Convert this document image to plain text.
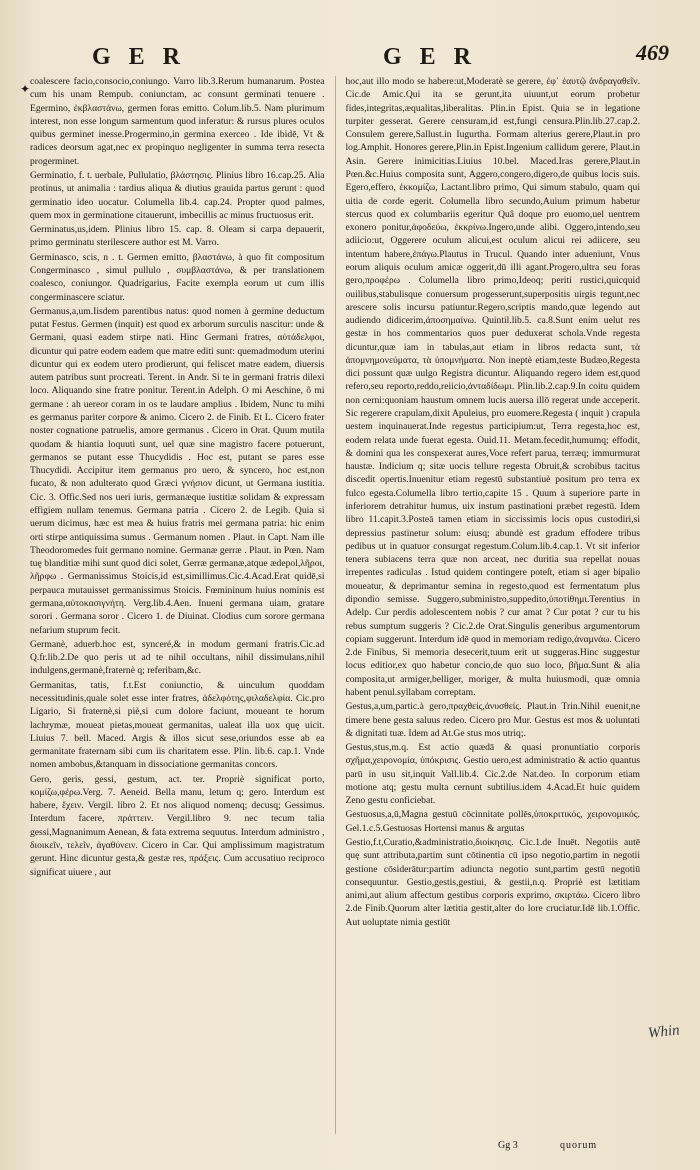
G E R	G E R	469
✦

coalescere facio,consocio,coniungo. Varro lib.3.Rerum humanarum. Postea cum his unam Rempub. coniunctam, ac consunt germinati tenuere . Egermino, ἐκβλαστάνω, germen foras emitto. Colum.lib.5. Nam plurimum interest, non esse longum sarmentum quod inferatur: & rursus plures oculos quibus germinet inesse.Progermino,in germina exerceo . Ide ibidē, Vt & radices deorsum agat,nec ex propinquo negligenter in summa terra resecta progerminet.

Germinatio, f. t. uerbale, Pullulatio, βλάστησις. Plinius libro 16.cap.25. Alia protinus, ut animalia : tardius aliqua & diutius grauida partus gerunt : quod germinatio ideo uocatur. Columella lib.4. cap.24. Propter quod palmes, quem mox in germinatione citauerunt, imbecillis ac minus fructuosus erit.

Germinatus,us,idem. Plinius libro 15. cap. 8. Oleam si carpa depauerit, primo germinatu sterilescere author est M. Varro.

Germinasco, scis, n . t. Germen emitto, βλαστάνω, à quo fit compositum Congerminasco , simul pullulo , συμβλαστάνω, & per translationem coalesco, coniungor. Quadrigarius, Facite exempla eorum ut cum illis congerminascere sciatur.

Germanus,a,um.Iisdem parentibus natus: quod nomen à germine deductum putat Festus. Germen (inquit) est quod ex arborum surculis nascitur: unde & Germani, quasi eadem stirpe nati. Hinc Germani fratres, αὐτάδελφοι, dicuntur qui patre eodem eadem que matre editi sunt: quemadmodum uterini dicuntur qui ex eodem utero prodierunt, qui feliscet matre eadem, diuersis autem patribus sunt procreati. Terent. in Andr. Si te in germani fratris dilexi loco. Aliquando sine fratre ponitur. Terent.in Adelph. O mi Aeschine, ô mi germane : ah uereor coram in os te laudare amplius . Ibidem, Nunc tu mihi es germanus pariter corpore & animo. Cicero 2. de Finib. Et L. Cicero frater noster cognatione patruelis, amore germanus . Cicero in Orat. Quum mutila quodam & hiantia loquuti sunt, uel quæ sine magistro facere potuerunt, germanos se putant esse Thucydidis . Hoc est, putant se pares esse Thucydidi. Accipitur item germanus pro uero, & syncero, hoc est,non fucato, & non adulterato quod Græci γνήσιον dicunt, ut Germana iustitia. Cic. 3. Offic.Sed nos ueri iuris, germanæque iustitiæ solidam & expressam effigiem nullam tenemus. Germana patria . Cicero 2. de Legib. Quia si uerum dicimus, hæc est mea & huius fratris mei germana patria: hic enim orti stirpe antiquissima sumus . Germanum nomen . Plaut. in Capt. Nam ille Theodoromedes fuit germano nomine. Germanæ gerræ . Plaut. in Pœn. Nam tuę blanditiæ mihi sunt quod dici solet, Gerræ germanæ,atque ædepol,λῆροι, λῆρφω . Germanissimus Stoicis,id est,simillimus.Cic.4.Acad.Erat quidē,si perpauca mutauisset germanissimus Stoicis. Fœmininum huius nominis est germana,αὐτοκασιγνήτη. Verg.lib.4.Aen. Inueni germana uiam, gratare sorori . Germana soror . Cicero 1. de Diuinat. Clodius cum sorore germana nefarium stuprum fecit.

Germanè, aduerb.hoc est, synceré,& in modum germani fratris.Cic.ad Q.fr.lib.2.De quo peris ut ad te nihil occultans, nihil dissimulans,nihil indulgens,germanè,fraternè q; referibam,&c.

Germanitas, tatis, f.t.Est coniunctio, & uinculum quoddam necessitudinis,quale solet esse inter fratres, ἀδελφότης,φιλαδελφία. Cic.pro Ligario, Si fraternè,si piè,si cum dolore faciunt, moueant te horum lachrymæ, moueat pietas,moueat germanitas, ualeat illa uox quę uicit. Liuius 7. bell. Maced. Argis & illos sicut sese,oriundos esse ab ea germanitate fraternam sibi cum iis charitatem esse. Plin. lib.6. cap.1. Vnde nomen ambobus,&tanquam in dissociatione germanitas concors.

Gero, geris, gessi, gestum, act. ter. Propriè significat porto, κομίζω,φέρω.Verg. 7. Aeneid. Bella manu, letum q; gero. Interdum est habere, ἔχειν. Vergil. libro 2. Et nos aliquod nomenq; decusq; Gessimus. Interdum facere, πράττειν. Vergil.libro 9. nec tecum talia gessi,Magnanimum Aenean, & fata extrema sequutus. Interdum administro , διοικεῖν, τελεῖν, ἀγαθύνειν. Cicero in Car. Qui amplissimum magistratum gerunt. Hinc dicuntur gesta,& gestæ res, πράξεις. Cum accusatiuo reciproco significat uiuere , aut

hoc,aut illo modo se habere:ut,Moderatè se gerere, ἐφ᾽ ἑαυτῷ ἀνδραγαθεῖν. Cic.de Amic.Qui ita se gerunt,ita uiuunt,ut eorum probetur fides,integritas,æqualitas,liberalitas. Plin.in Epist. Quia se in legatione turpiter gesserat. Gerere censuram,id est,fungi censura.Plin.lib.27.cap.2. Consulem gerere,Sallust.in Iugurtha. Formam alterius gerere,Plaut.in pro log.Amphit. Honores gerere,Plin.in Epist.Ingenium callidum gerere, Plaut.in Asin. Gerere inimicitias.Liuius 10.bel. Maced.Iras gerere,Plaut.in Pœn.&c.Huius composita sunt, Aggero,congero,digero,de quibus locis suis. Egero,effero, ἐκκομίζω, Lactant.libro primo, Qui simum stabulo, quam qui uitia de corde egerit. Columella libro secundo,Auium primum habetur stercus quod ex columbariis egeritur Quâ doque pro euomo,uel uentrem exonero ponitur,ἀφοδεύω, ἐκκρίνω.Ingero,unde alibi. Oggero,intendo,seu adiicio:ut, Oggerere oculum alicui,est oculum alicui rei adiicere, seu intentum habere,ἐπάγω.Plautus in Trucul. Quando inter adueniunt, Vnus eorum aliquis oculum amicæ oggerit,dū illi agant.Progero,ultra seu foras gero,προφέρω . Columella libro primo,Ideoq; periti rustici,quicquid ouilibus,stabulisque conuersum progesserunt,superpositis uirgis tegunt,nec arescere solis incursu patiuntur.Regero,scriptis mando,quæ legendo aut audiendo didicerim,ἀποσημαίνω. Quintil.lib.5. ca.8.Sunt enim uelut res gestæ in hos commentarios quos puer deduxerat schola.Vnde regesta dicuntur,quæ iam in tabulas,aut etiam in libros redacta sunt, τὰ ἀπομνημονεύματα, τὰ ὑπομνήματα. Non ineptè etiam,teste Budæo,Regesta dici possunt quæ uulgo Registra dicuntur. Aliquando regero idem est,quod refero,seu reporto,reddo,reiicio,ἀνταδίδωμι. Plin.lib.2.cap.9.In coitu quidem non cerni:quoniam haustum omnem lucis auersa illō regerat unde acceperit. Sic regerere crapulam,dixit Apuleius, pro euomere.Regesta ( inquit ) crapula uestem inquinauerat.Inde regestus participium:ut, Terra regesta,hoc est, eodem relata unde fuerat egesta. Ouid.11. Metam.fecedit,humumq; effodit, & domini qua les conspexerat aures,Voce refert parua, terræq; immurmurat haustæ. Indicium q; sitæ uocis tellure regesta Obruit,& scrobibus tacitus discedit opertis.Inuenitur etiam regestū substantiuè positum pro terra ex fulco egesta.Columella libro tertio,capite 15 . Quum à superiore parte in inferiorem detrahitur humus, uix instum pastinationi præbet regestū. Idem libro 11.capit.3.Posteā tamen etiam in siccissimis locis opus custodiri,si depressius pastinetur solum: eiusq; abundè est gradum effodere tribus pedibus ut in quatuor consurgat regestum.Colum.lib.4.cap.1. Vt sit inferior tenera subiacens terra quæ non arceat, nec duritia sua repellat nouas irrepentes radiculas . Istud quidem contingere poteſt, etiam si ager bipalio moueatur, & deprimantur semina in regesto,quod est fermentatum plus dipondio semisse. Suggero,subministro,suppedito,ὑποτίθημι.Terentius in Adelp. Cur perdis adolescentem nobis ? cur amat ? Cur potat ? cur tu his rebus sumptum suggeris ? Cic.2.de Orat.Singulis generibus argumentorum copiam suggerunt. Interdum idē quod in memoriam redigo,ἀναμνάω. Cicero 2.de Finibus, Si memoria desecerit,tuum erit ut suggeras.Hinc suggestur locus editior,ex quo habetur concio,de quo suo loco, βῆμα.Sunt & alia composita,ut armiger,belliger, moriger, & multa huiusmodi, quæ omnia habent penul.syllabam correptam.

Gestus,a,um,partic.à gero,πραχθείς,ἀνυσθείς. Plaut.in Trin.Nihil euenit,ne timere bene gesta saluus redeo. Cicero pro Mur. Gestus est mos & uoluntati & dignitati tuæ. Idem ad At.Ge stus mos utriq;.

Gestus,stus,m.q. Est actio quædā & quasi pronuntiatio corporis σχῆμα,χειρονομία, ὑπόκρισις. Gestio uero,est administratio & actio quantus parū in usu sit,inquit Vall.lib.4. Cic.2.de Nat.deo. In corporum etiam motione atq; gestu multa cernunt subtilius.idem 4.Acad.Et huic quidem Zeno gestu conficiebat.

Gestuosus,a,ū,Magna gestuū cōcinnitate pollēs,ὑποκριτικός, χειρονομικός. Gel.1.c.5.Gestuosas Hortensi manus & argutas

Gestio,f.t,Curatio,&administratio,διοίκησις. Cic.1.de Inuēt. Negotiis autē quę sunt attributa,partim sunt cōtinentia cū ipso negotio,partim in negotii gestione cōsiderātur:partim adiuncta negotio sunt,partim gestū negotiū consequuntur. Gestio,gestis,gestiui, & gestii,n.q. Propriè est lætitiam animi,aut alium affectum gestibus corporis exprimo, σκιρτάω. Cicero libro 2.de Finib.Quorum alter lætitia gestit,alter do lore cruciatur.Idē lib.1.Offic. Aut uoluptate nimia gestiūt

Whin
Gg 3	quorum
